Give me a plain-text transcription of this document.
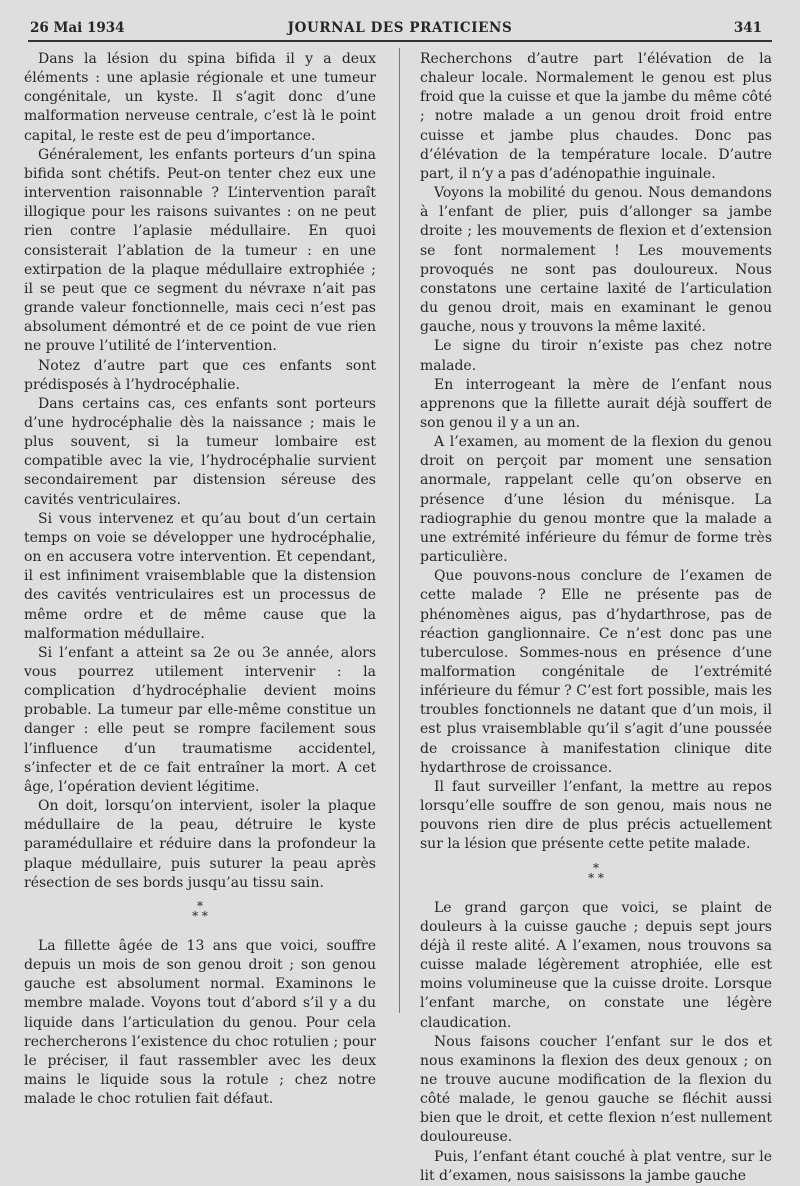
26 Mai 1934	JOURNAL DES PRATICIENS	341

Dans la lésion du spina bifida il y a deux éléments : une aplasie régionale et une tumeur congénitale, un kyste. Il s’agit donc d’une malformation nerveuse centrale, c’est là le point capital, le reste est de peu d’importance.

Généralement, les enfants porteurs d’un spina bifida sont chétifs. Peut-on tenter chez eux une intervention raisonnable ? L’intervention paraît illogique pour les raisons suivantes : on ne peut rien contre l’aplasie médullaire. En quoi consisterait l’ablation de la tumeur : en une extirpation de la plaque médullaire extrophiée ; il se peut que ce segment du névraxe n’ait pas grande valeur fonctionnelle, mais ceci n’est pas absolument démontré et de ce point de vue rien ne prouve l’utilité de l’intervention.

Notez d’autre part que ces enfants sont prédisposés à l’hydrocéphalie.

Dans certains cas, ces enfants sont porteurs d’une hydrocéphalie dès la naissance ; mais le plus souvent, si la tumeur lombaire est compatible avec la vie, l’hydrocéphalie survient secondairement par distension séreuse des cavités ventriculaires.

Si vous intervenez et qu’au bout d’un certain temps on voie se développer une hydrocéphalie, on en accusera votre intervention. Et cependant, il est infiniment vraisemblable que la distension des cavités ventriculaires est un processus de même ordre et de même cause que la malformation médullaire.

Si l’enfant a atteint sa 2e ou 3e année, alors vous pourrez utilement intervenir : la complication d’hydrocéphalie devient moins probable. La tumeur par elle-même constitue un danger : elle peut se rompre facilement sous l’influence d’un traumatisme accidentel, s’infecter et de ce fait entraîner la mort. A cet âge, l’opération devient légitime.

On doit, lorsqu’on intervient, isoler la plaque médullaire de la peau, détruire le kyste paramédullaire et réduire dans la profondeur la plaque médullaire, puis suturer la peau après résection de ses bords jusqu’au tissu sain.

*
* *

La fillette âgée de 13 ans que voici, souffre depuis un mois de son genou droit ; son genou gauche est absolument normal. Examinons le membre malade. Voyons tout d’abord s’il y a du liquide dans l’articulation du genou. Pour cela rechercherons l’existence du choc rotulien ; pour le préciser, il faut rassembler avec les deux mains le liquide sous la rotule ; chez notre malade le choc rotulien fait défaut.

Recherchons d’autre part l’élévation de la chaleur locale. Normalement le genou est plus froid que la cuisse et que la jambe du même côté ; notre malade a un genou droit froid entre cuisse et jambe plus chaudes. Donc pas d’élévation de la température locale. D’autre part, il n’y a pas d’adénopathie inguinale.

Voyons la mobilité du genou. Nous demandons à l’enfant de plier, puis d’allonger sa jambe droite ; les mouvements de flexion et d’extension se font normalement ! Les mouvements provoqués ne sont pas douloureux. Nous constatons une certaine laxité de l’articulation du genou droit, mais en examinant le genou gauche, nous y trouvons la même laxité.

Le signe du tiroir n’existe pas chez notre malade.

En interrogeant la mère de l’enfant nous apprenons que la fillette aurait déjà souffert de son genou il y a un an.

A l’examen, au moment de la flexion du genou droit on perçoit par moment une sensation anormale, rappelant celle qu’on observe en présence d’une lésion du ménisque. La radiographie du genou montre que la malade a une extrémité inférieure du fémur de forme très particulière.

Que pouvons-nous conclure de l’examen de cette malade ? Elle ne présente pas de phénomènes aigus, pas d’hydarthrose, pas de réaction ganglionnaire. Ce n’est donc pas une tuberculose. Sommes-nous en présence d’une malformation congénitale de l’extrémité inférieure du fémur ? C’est fort possible, mais les troubles fonctionnels ne datant que d’un mois, il est plus vraisemblable qu’il s’agit d’une poussée de croissance à manifestation clinique dite hydarthrose de croissance.

Il faut surveiller l’enfant, la mettre au repos lorsqu’elle souffre de son genou, mais nous ne pouvons rien dire de plus précis actuellement sur la lésion que présente cette petite malade.

*
* *

Le grand garçon que voici, se plaint de douleurs à la cuisse gauche ; depuis sept jours déjà il reste alité. A l’examen, nous trouvons sa cuisse malade légèrement atrophiée, elle est moins volumineuse que la cuisse droite. Lorsque l’enfant marche, on constate une légère claudication.

Nous faisons coucher l’enfant sur le dos et nous examinons la flexion des deux genoux ; on ne trouve aucune modification de la flexion du côté malade, le genou gauche se fléchit aussi bien que le droit, et cette flexion n’est nullement douloureuse.

Puis, l’enfant étant couché à plat ventre, sur le lit d’examen, nous saisissons la jambe gauche
